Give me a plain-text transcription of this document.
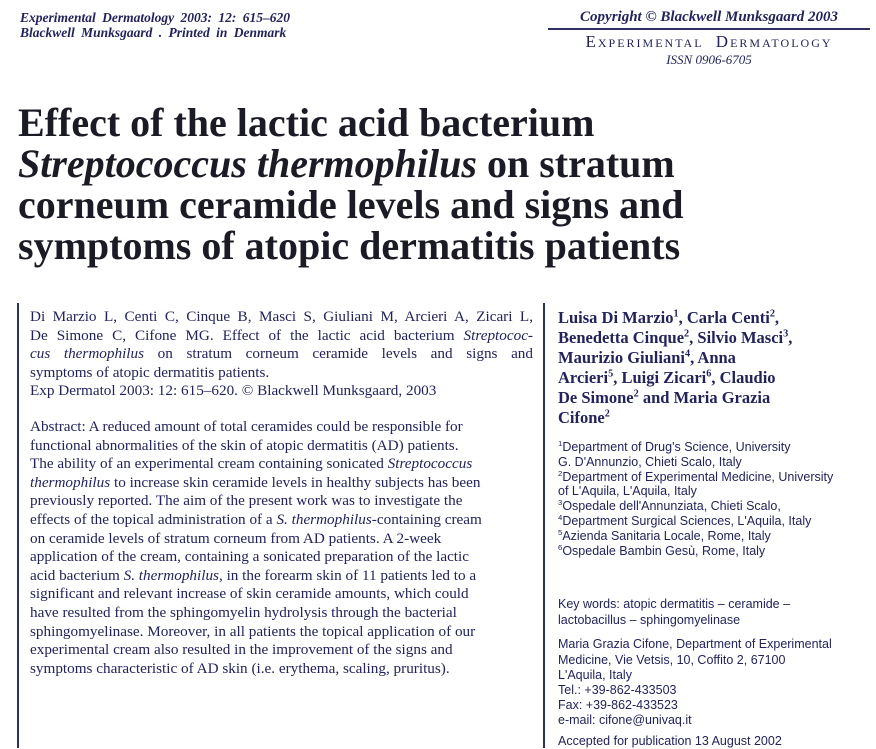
Experimental Dermatology 2003: 12: 615–620
Blackwell Munksgaard . Printed in Denmark
Copyright © Blackwell Munksgaard 2003
Experimental Dermatology
ISSN 0906-6705
Effect of the lactic acid bacterium
Streptococcus thermophilus on stratum
corneum ceramide levels and signs and
symptoms of atopic dermatitis patients
Di Marzio L, Centi C, Cinque B, Masci S, Giuliani M, Arcieri A, Zicari L,
De Simone C, Cifone MG. Effect of the lactic acid bacterium Streptococ-
cus thermophilus on stratum corneum ceramide levels and signs and
symptoms of atopic dermatitis patients.
Exp Dermatol 2003: 12: 615–620. © Blackwell Munksgaard, 2003
Abstract: A reduced amount of total ceramides could be responsible for
functional abnormalities of the skin of atopic dermatitis (AD) patients.
The ability of an experimental cream containing sonicated Streptococcus
thermophilus to increase skin ceramide levels in healthy subjects has been
previously reported. The aim of the present work was to investigate the
effects of the topical administration of a S. thermophilus-containing cream
on ceramide levels of stratum corneum from AD patients. A 2-week
application of the cream, containing a sonicated preparation of the lactic
acid bacterium S. thermophilus, in the forearm skin of 11 patients led to a
significant and relevant increase of skin ceramide amounts, which could
have resulted from the sphingomyelin hydrolysis through the bacterial
sphingomyelinase. Moreover, in all patients the topical application of our
experimental cream also resulted in the improvement of the signs and
symptoms characteristic of AD skin (i.e. erythema, scaling, pruritus).
Luisa Di Marzio$^1$, Carla Centi$^2$,
Benedetta Cinque$^2$, Silvio Masci$^3$,
Maurizio Giuliani$^4$, Anna
Arcieri$^5$, Luigi Zicari$^6$, Claudio
De Simone$^2$ and Maria Grazia
Cifone$^2$
$^1$Department of Drug's Science, University
G. D'Annunzio, Chieti Scalo, Italy
$^2$Department of Experimental Medicine, University
of L'Aquila, L'Aquila, Italy
$^3$Ospedale dell'Annunziata, Chieti Scalo,
$^4$Department Surgical Sciences, L'Aquila, Italy
$^5$Azienda Sanitaria Locale, Rome, Italy
$^6$Ospedale Bambin Gesù, Rome, Italy
Key words: atopic dermatitis – ceramide –
lactobacillus – sphingomyelinase
Maria Grazia Cifone, Department of Experimental
Medicine, Vie Vetsis, 10, Coffito 2, 67100
L'Aquila, Italy
Tel.: +39-862-433503
Fax: +39-862-433523
e-mail: cifone@univaq.it
Accepted for publication 13 August 2002
